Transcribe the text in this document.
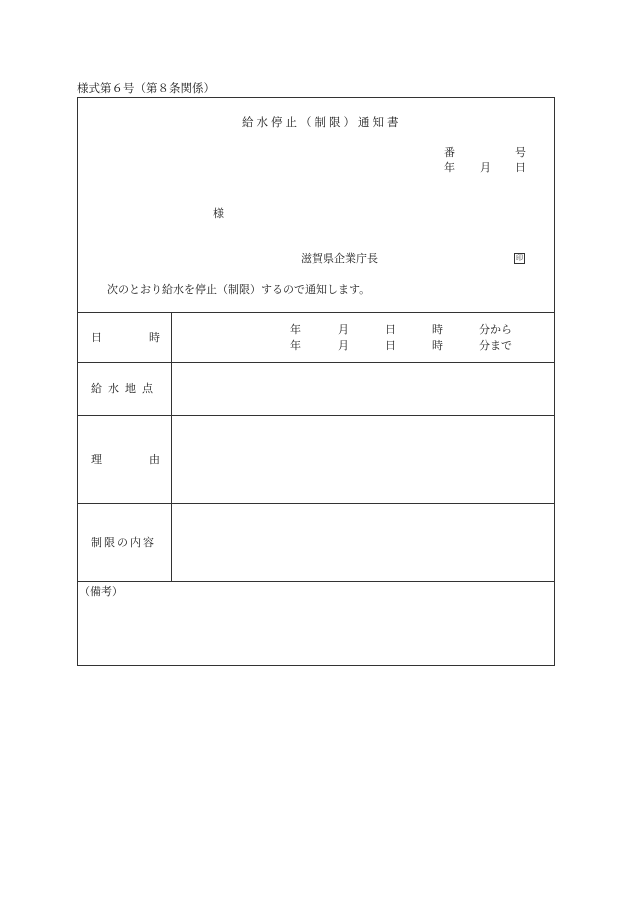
様式第６号（第８条関係）
給水停止（制限）通知書
番	号
年 月 日
様
滋賀県企業庁長	印
次のとおり給水を停止（制限）するので通知します。
日	時
年	月	日	時	分から
年	月	日	時	分まで
給水地点
理	由
制限の内容
（備考）
